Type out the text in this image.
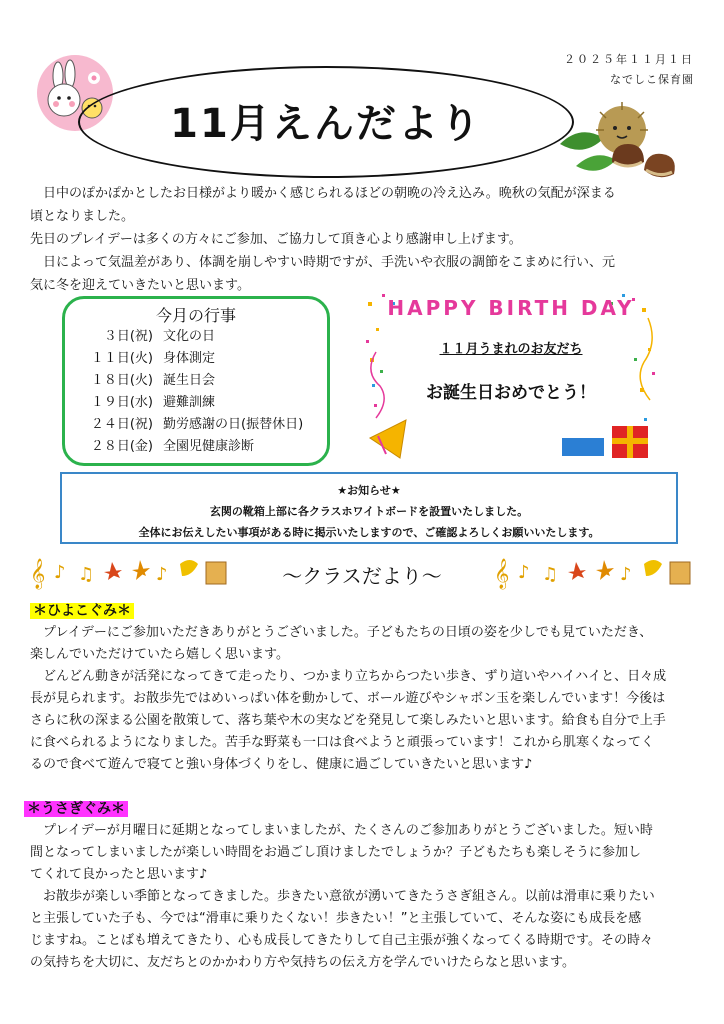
２０２５年１１月１日
なでしこ保育園
11月えんだより

　日中のぽかぽかとしたお日様がより暖かく感じられるほどの朝晩の冷え込み。晩秋の気配が深まる

頃となりました。

先日のプレイデーは多くの方々にご参加、ご協力して頂き心より感謝申し上げます。

　日によって気温差があり、体調を崩しやすい時期ですが、手洗いや衣服の調節をこまめに行い、元

気に冬を迎えていきたいと思います。

今月の行事
３日(祝) 文化の日
１１日(火) 身体測定
１８日(火) 誕生日会
１９日(水) 避難訓練
２４日(祝) 勤労感謝の日(振替休日)
２８日(金) 全園児健康診断
HAPPY BIRTH DAY
１１月うまれのお友だち
お誕生日おめでとう！
★お知らせ★
玄関の靴箱上部に各クラスホワイトボードを設置いたしました。
全体にお伝えしたい事項がある時に掲示いたしますので、ご確認よろしくお願いいたします。
𝄞 ♪ ♫	♪	～クラスだより～	𝄞 ♪ ♫	♪
＊ひよこぐみ＊

　プレイデーにご参加いただきありがとうございました。子どもたちの日頃の姿を少しでも見ていただき、

楽しんでいただけていたら嬉しく思います。

　どんどん動きが活発になってきて走ったり、つかまり立ちからつたい歩き、ずり這いやハイハイと、日々成

長が見られます。お散歩先ではめいっぱい体を動かして、ボール遊びやシャボン玉を楽しんでいます！今後は

さらに秋の深まる公園を散策して、落ち葉や木の実などを発見して楽しみたいと思います。給食も自分で上手

に食べられるようになりました。苦手な野菜も一口は食べようと頑張っています！これから肌寒くなってく

るので食べて遊んで寝てと強い身体づくりをし、健康に過ごしていきたいと思います♪

＊うさぎぐみ＊

　プレイデーが月曜日に延期となってしまいましたが、たくさんのご参加ありがとうございました。短い時

間となってしまいましたが楽しい時間をお過ごし頂けましたでしょうか？子どもたちも楽しそうに参加し

てくれて良かったと思います♪

　お散歩が楽しい季節となってきました。歩きたい意欲が湧いてきたうさぎ組さん。以前は滑車に乗りたい

と主張していた子も、今では“滑車に乗りたくない！歩きたい！”と主張していて、そんな姿にも成長を感

じますね。ことばも増えてきたり、心も成長してきたりして自己主張が強くなってくる時期です。その時々

の気持ちを大切に、友だちとのかかわり方や気持ちの伝え方を学んでいけたらなと思います。
